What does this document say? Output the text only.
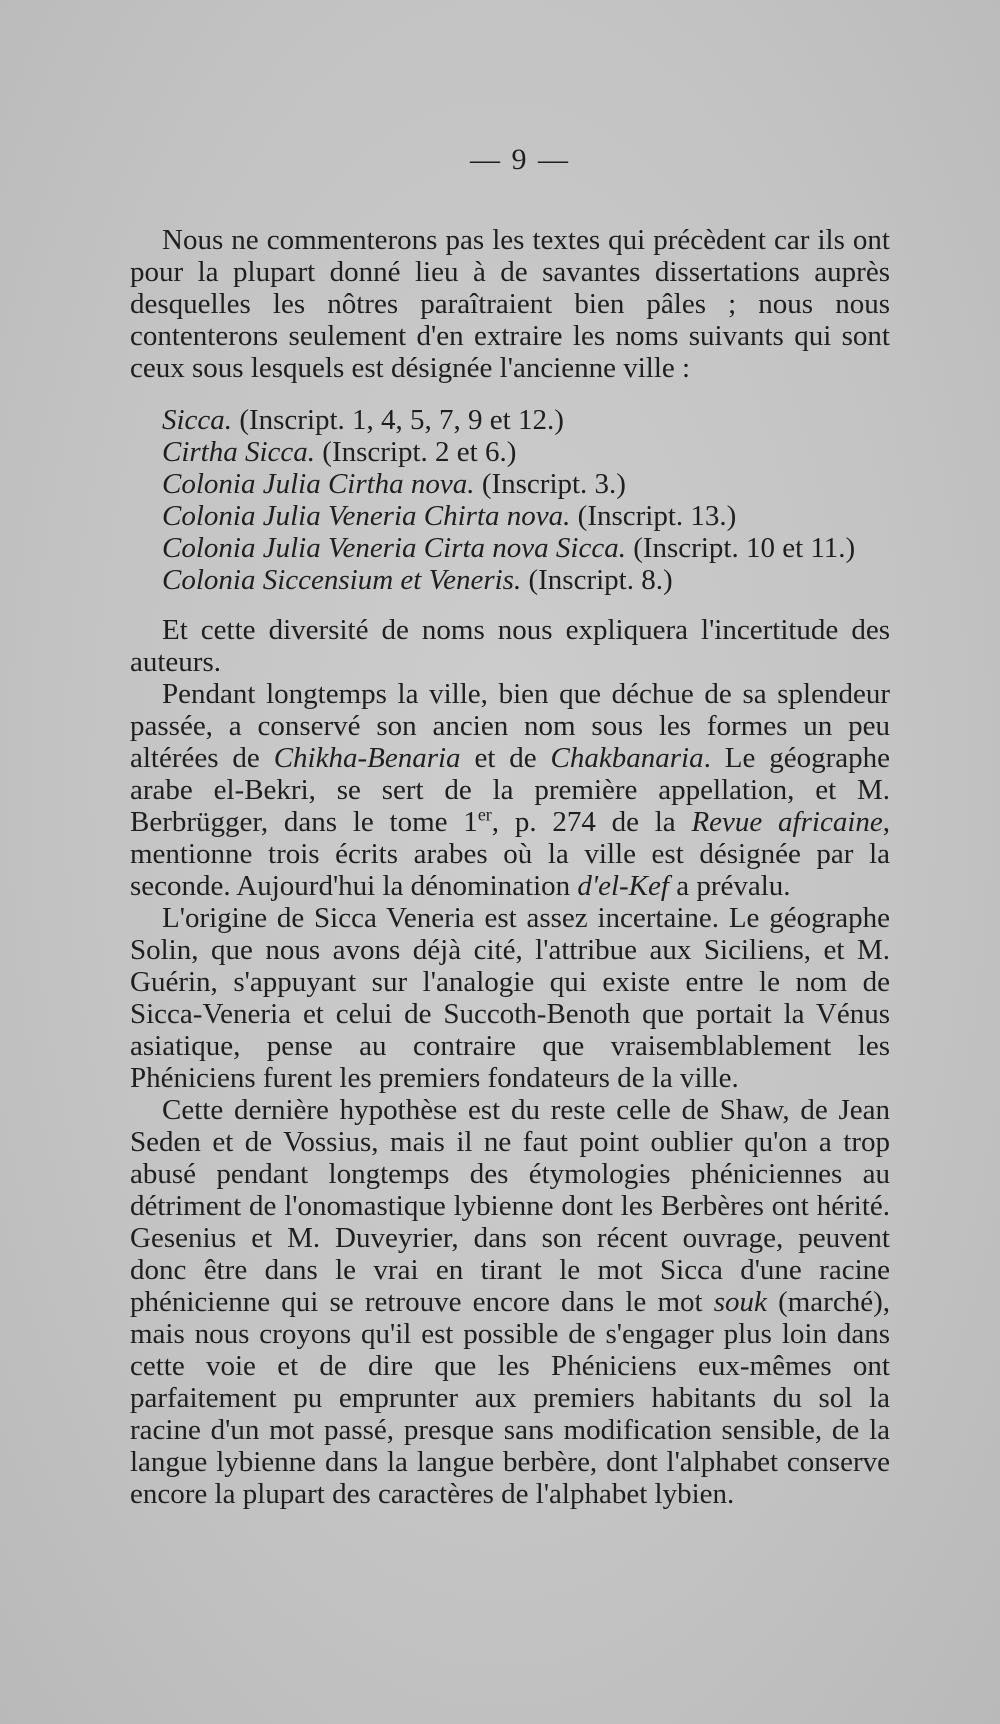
— 9 —

Nous ne commenterons pas les textes qui précèdent car ils ont pour la plupart donné lieu à de savantes dissertations auprès desquelles les nôtres paraîtraient bien pâles ; nous nous contenterons seulement d'en extraire les noms suivants qui sont ceux sous lesquels est désignée l'ancienne ville :

Sicca. (Inscript. 1, 4, 5, 7, 9 et 12.)
Cirtha Sicca. (Inscript. 2 et 6.)
Colonia Julia Cirtha nova. (Inscript. 3.)
Colonia Julia Veneria Chirta nova. (Inscript. 13.)
Colonia Julia Veneria Cirta nova Sicca. (Inscript. 10 et 11.)
Colonia Siccensium et Veneris. (Inscript. 8.)

Et cette diversité de noms nous expliquera l'incertitude des auteurs.

Pendant longtemps la ville, bien que déchue de sa splendeur passée, a conservé son ancien nom sous les formes un peu altérées de Chikha-Benaria et de Chakbanaria. Le géographe arabe el-Bekri, se sert de la première appellation, et M. Berbrügger, dans le tome 1er, p. 274 de la Revue africaine, mentionne trois écrits arabes où la ville est désignée par la seconde. Aujourd'hui la dénomination d'el-Kef a prévalu.

L'origine de Sicca Veneria est assez incertaine. Le géographe Solin, que nous avons déjà cité, l'attribue aux Siciliens, et M. Guérin, s'appuyant sur l'analogie qui existe entre le nom de Sicca-Veneria et celui de Succoth-Benoth que portait la Vénus asiatique, pense au contraire que vraisemblablement les Phéniciens furent les premiers fondateurs de la ville.

Cette dernière hypothèse est du reste celle de Shaw, de Jean Seden et de Vossius, mais il ne faut point oublier qu'on a trop abusé pendant longtemps des étymologies phéniciennes au détriment de l'onomastique lybienne dont les Berbères ont hérité. Gesenius et M. Duveyrier, dans son récent ouvrage, peuvent donc être dans le vrai en tirant le mot Sicca d'une racine phénicienne qui se retrouve encore dans le mot souk (marché), mais nous croyons qu'il est possible de s'engager plus loin dans cette voie et de dire que les Phéniciens eux-mêmes ont parfaitement pu emprunter aux premiers habitants du sol la racine d'un mot passé, presque sans modification sensible, de la langue lybienne dans la langue berbère, dont l'alphabet conserve encore la plupart des caractères de l'alphabet lybien.
